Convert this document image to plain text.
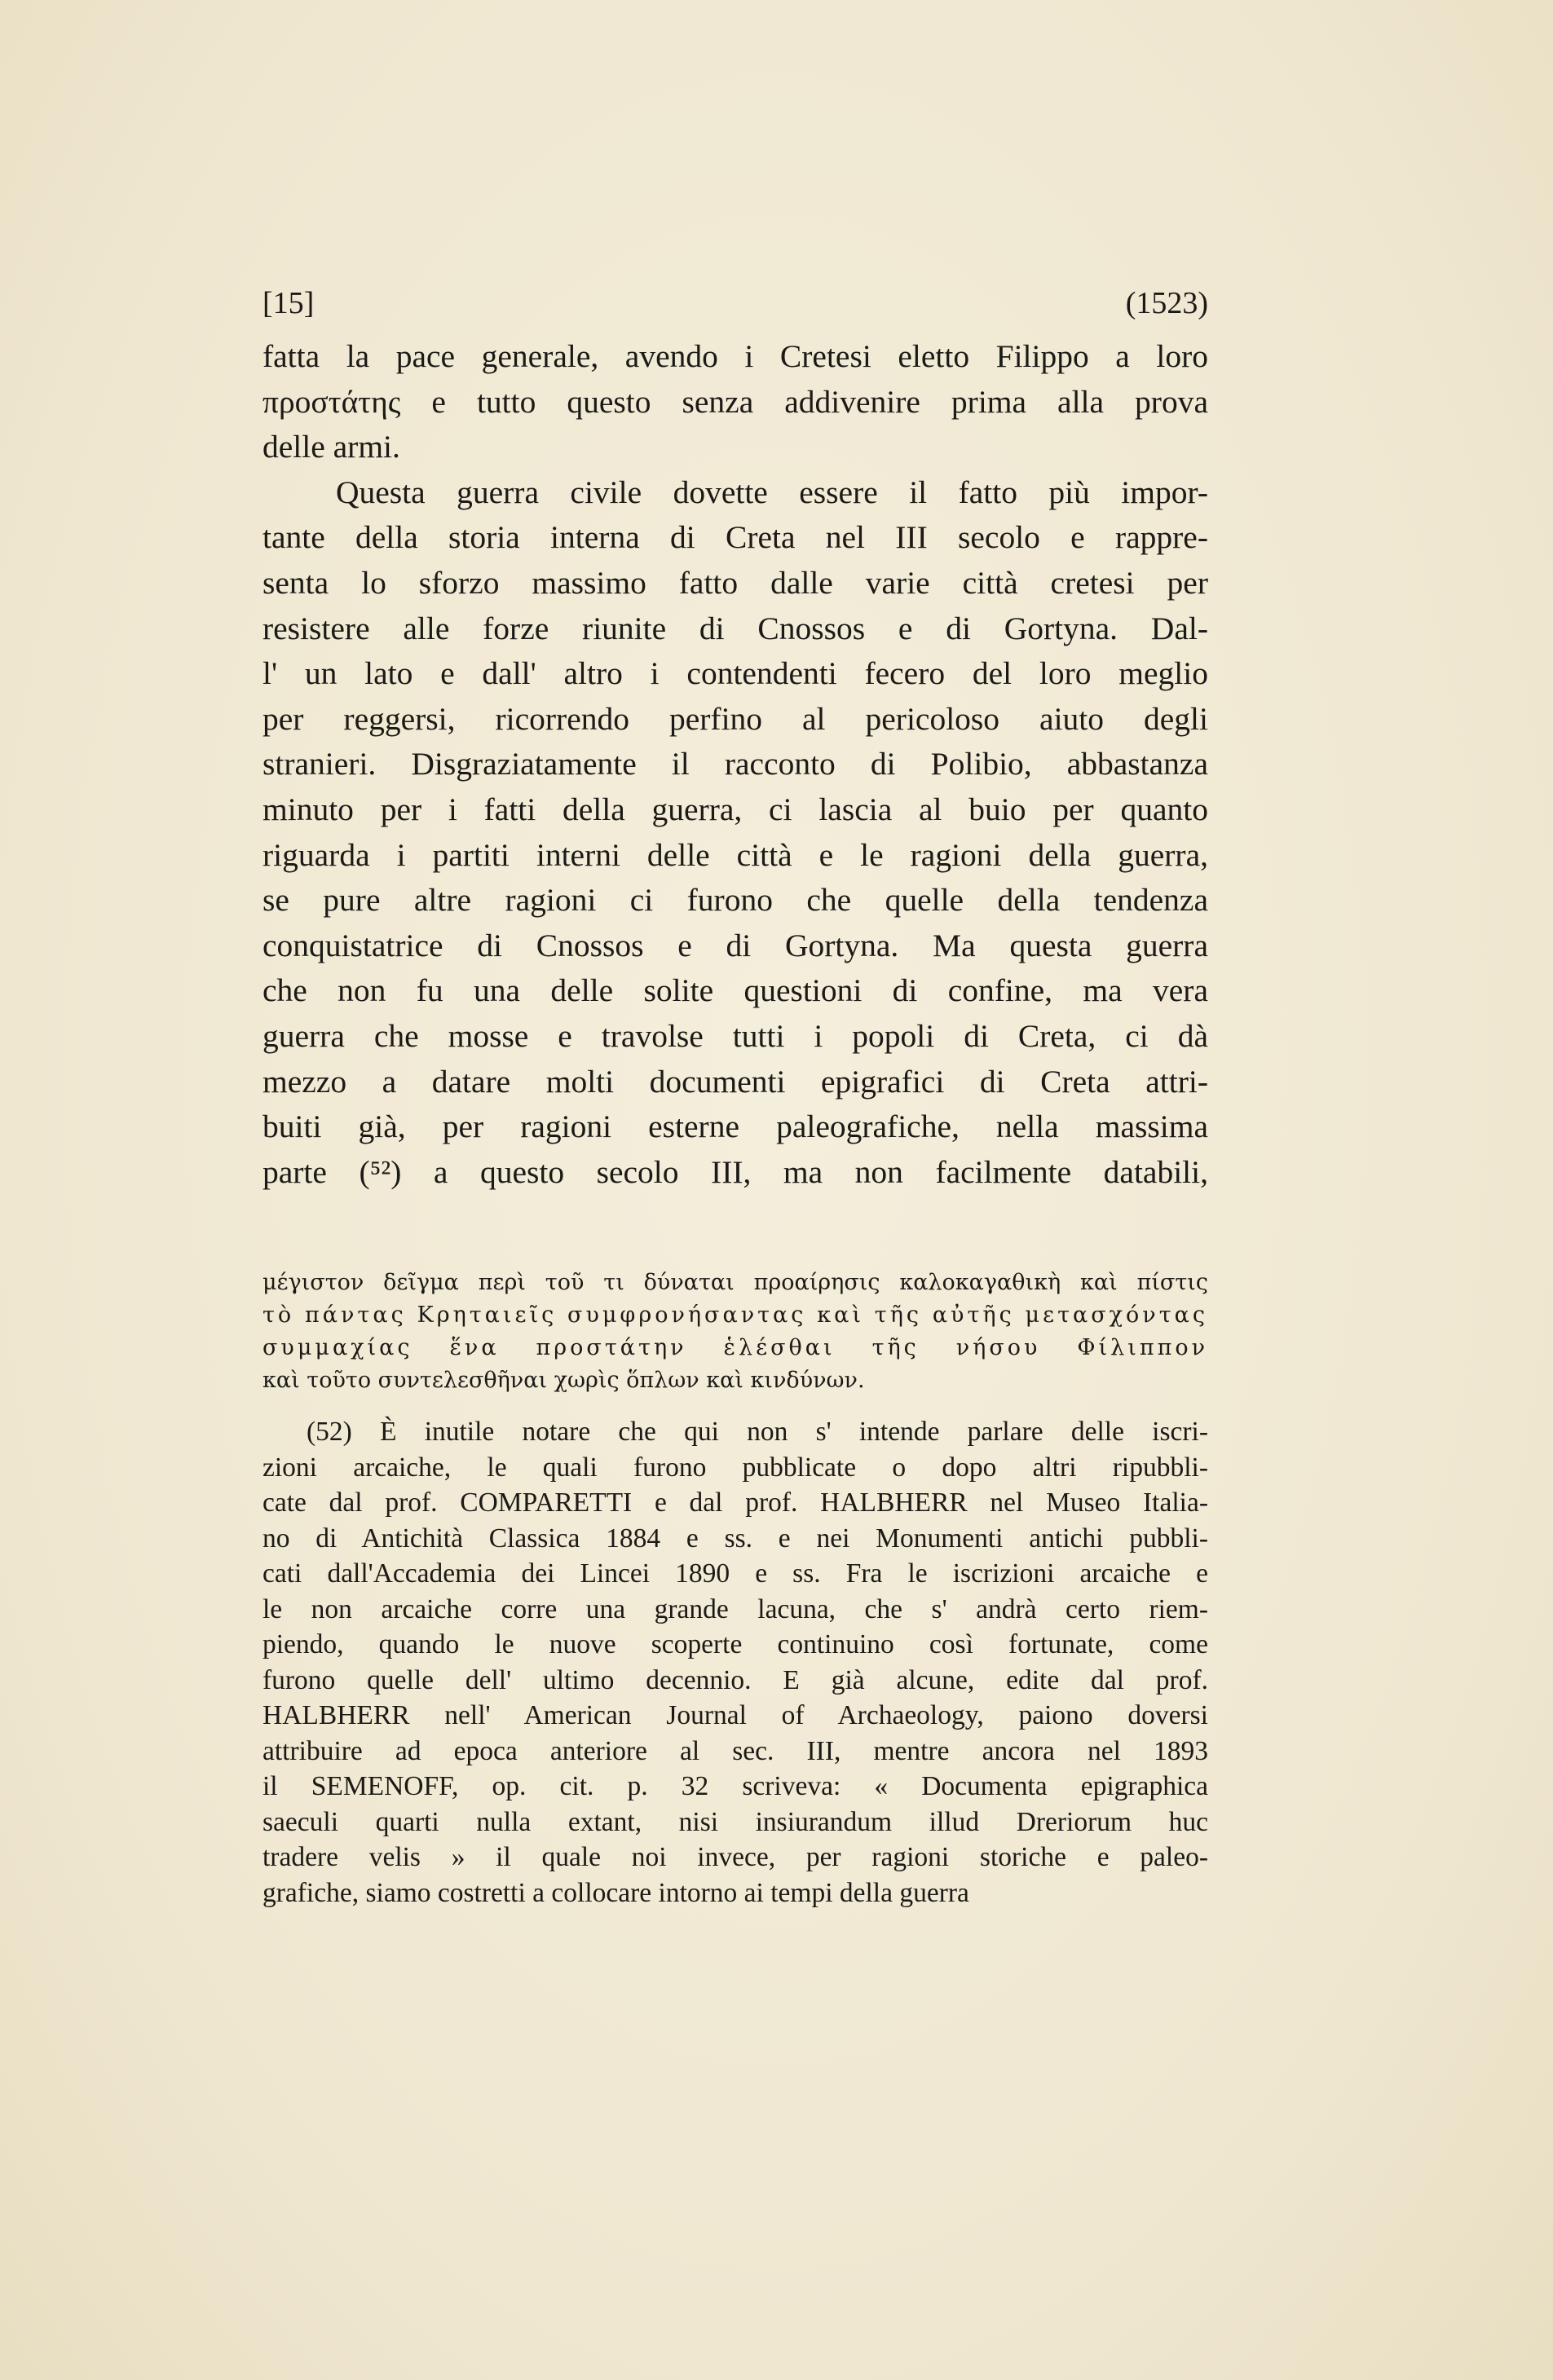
[15]	(1523)
fatta la pace generale, avendo i Cretesi eletto Filippo a loro
προστάτης e tutto questo senza addivenire prima alla prova
delle armi.
Questa guerra civile dovette essere il fatto più impor-
tante della storia interna di Creta nel III secolo e rappre-
senta lo sforzo massimo fatto dalle varie città cretesi per
resistere alle forze riunite di Cnossos e di Gortyna. Dal-
l' un lato e dall' altro i contendenti fecero del loro meglio
per reggersi, ricorrendo perfino al pericoloso aiuto degli
stranieri. Disgraziatamente il racconto di Polibio, abbastanza
minuto per i fatti della guerra, ci lascia al buio per quanto
riguarda i partiti interni delle città e le ragioni della guerra,
se pure altre ragioni ci furono che quelle della tendenza
conquistatrice di Cnossos e di Gortyna. Ma questa guerra
che non fu una delle solite questioni di confine, ma vera
guerra che mosse e travolse tutti i popoli di Creta, ci dà
mezzo a datare molti documenti epigrafici di Creta attri-
buiti già, per ragioni esterne paleografiche, nella massima
parte (⁵²) a questo secolo III, ma non facilmente databili,
μέγιστον δεῖγμα περὶ τοῦ τι δύναται προαίρησις καλοκαγαθικὴ καὶ πίστις
τὸ πάντας Κρηταιεῖς συμφρονήσαντας καὶ τῆς αὐτῆς μετασχόντας
συμμαχίας ἕνα προστάτην ἑλέσθαι τῆς νήσου Φίλιππον
καὶ τοῦτο συντελεσθῆναι χωρὶς ὅπλων καὶ κινδύνων.
(52) È inutile notare che qui non s' intende parlare delle iscri-
zioni arcaiche, le quali furono pubblicate o dopo altri ripubbli-
cate dal prof. COMPARETTI e dal prof. HALBHERR nel Museo Italia-
no di Antichità Classica 1884 e ss. e nei Monumenti antichi pubbli-
cati dall'Accademia dei Lincei 1890 e ss. Fra le iscrizioni arcaiche e
le non arcaiche corre una grande lacuna, che s' andrà certo riem-
piendo, quando le nuove scoperte continuino così fortunate, come
furono quelle dell' ultimo decennio. E già alcune, edite dal prof.
HALBHERR nell' American Journal of Archaeology, paiono doversi
attribuire ad epoca anteriore al sec. III, mentre ancora nel 1893
il SEMENOFF, op. cit. p. 32 scriveva: « Documenta epigraphica
saeculi quarti nulla extant, nisi insiurandum illud Dreriorum huc
tradere velis » il quale noi invece, per ragioni storiche e paleo-
grafiche, siamo costretti a collocare intorno ai tempi della guerra
